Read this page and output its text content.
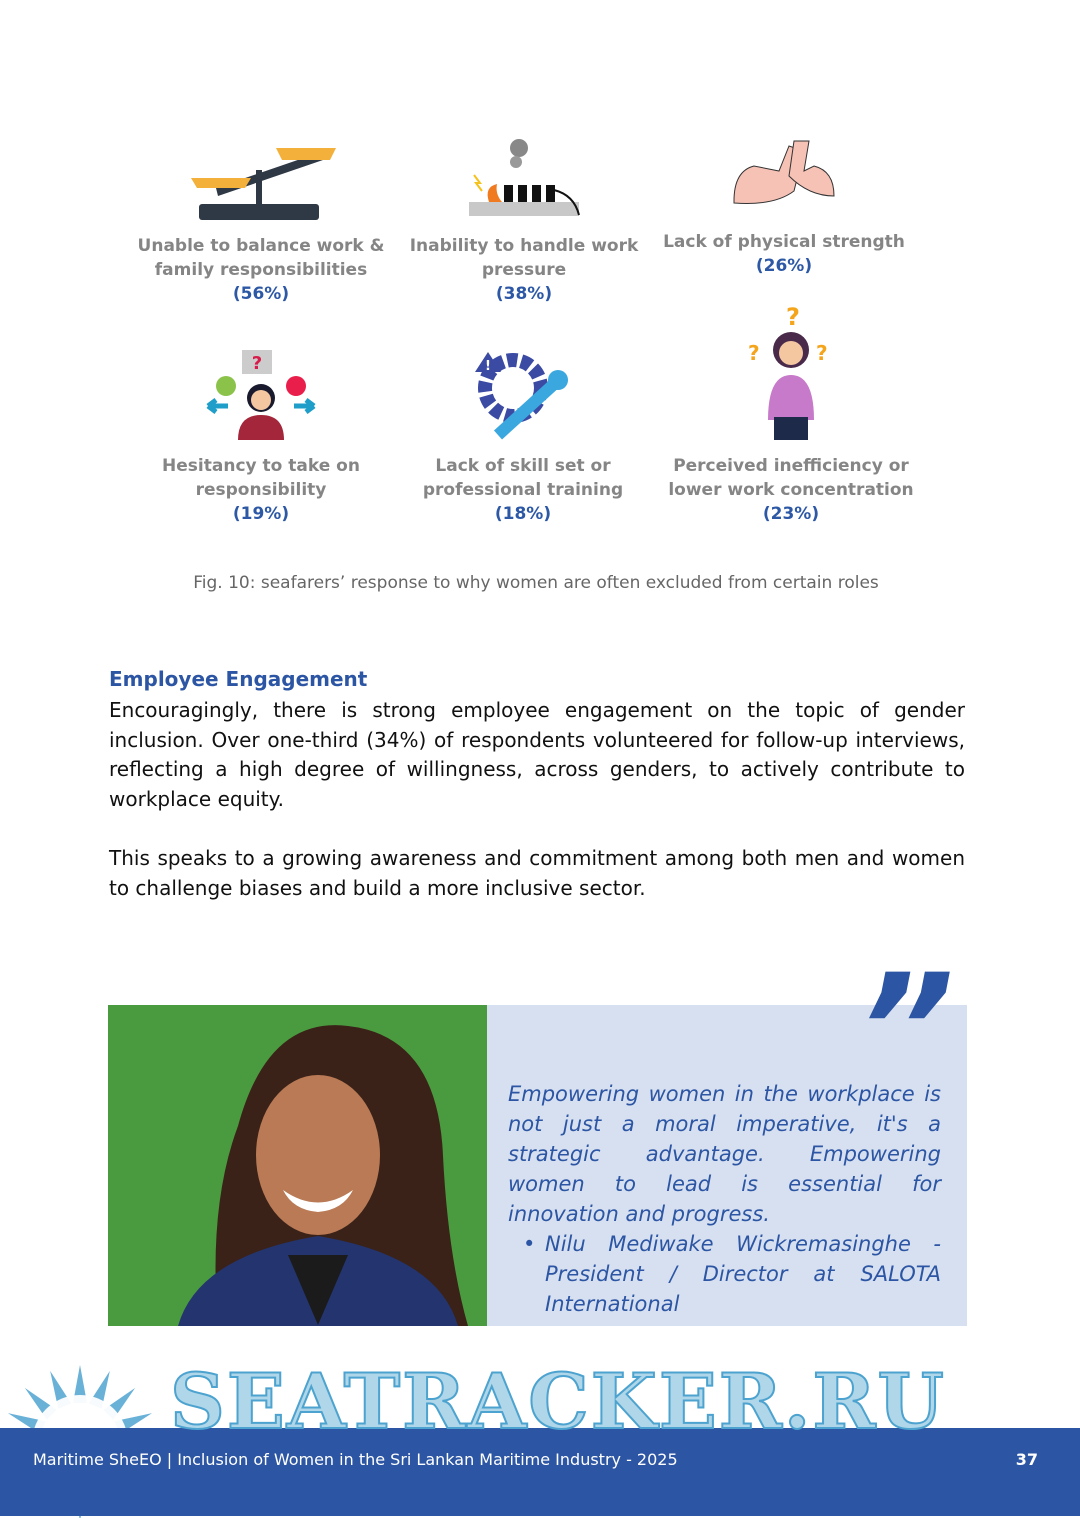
Unable to balance work & family responsibilities
(56%)
Inability to handle work pressure
(38%)
Lack of physical strength
(26%)
?
Hesitancy to take on responsibility
(19%)
!
Lack of skill set or professional training
(18%)
?
?	?
Perceived inefficiency or lower work concentration
(23%)
Fig. 10: seafarers’ response to why women are often excluded from certain roles
Employee Engagement

Encouragingly, there is strong employee engagement on the topic of gender inclusion. Over one-third (34%) of respondents volunteered for follow-up interviews, reflecting a high degree of willingness, across genders, to actively contribute to workplace equity.

This speaks to a growing awareness and commitment among both men and women to challenge biases and build a more inclusive sector.

Empowering women in the workplace is not just a moral imperative, it's a strategic advantage. Empowering women to lead is essential for innovation and progress.
• Nilu Mediwake Wickremasinghe - President / Director at SALOTA International
”
SEATRACKER.RU
Maritime SheEO | Inclusion of Women in the Sri Lankan Maritime Industry - 2025	37
